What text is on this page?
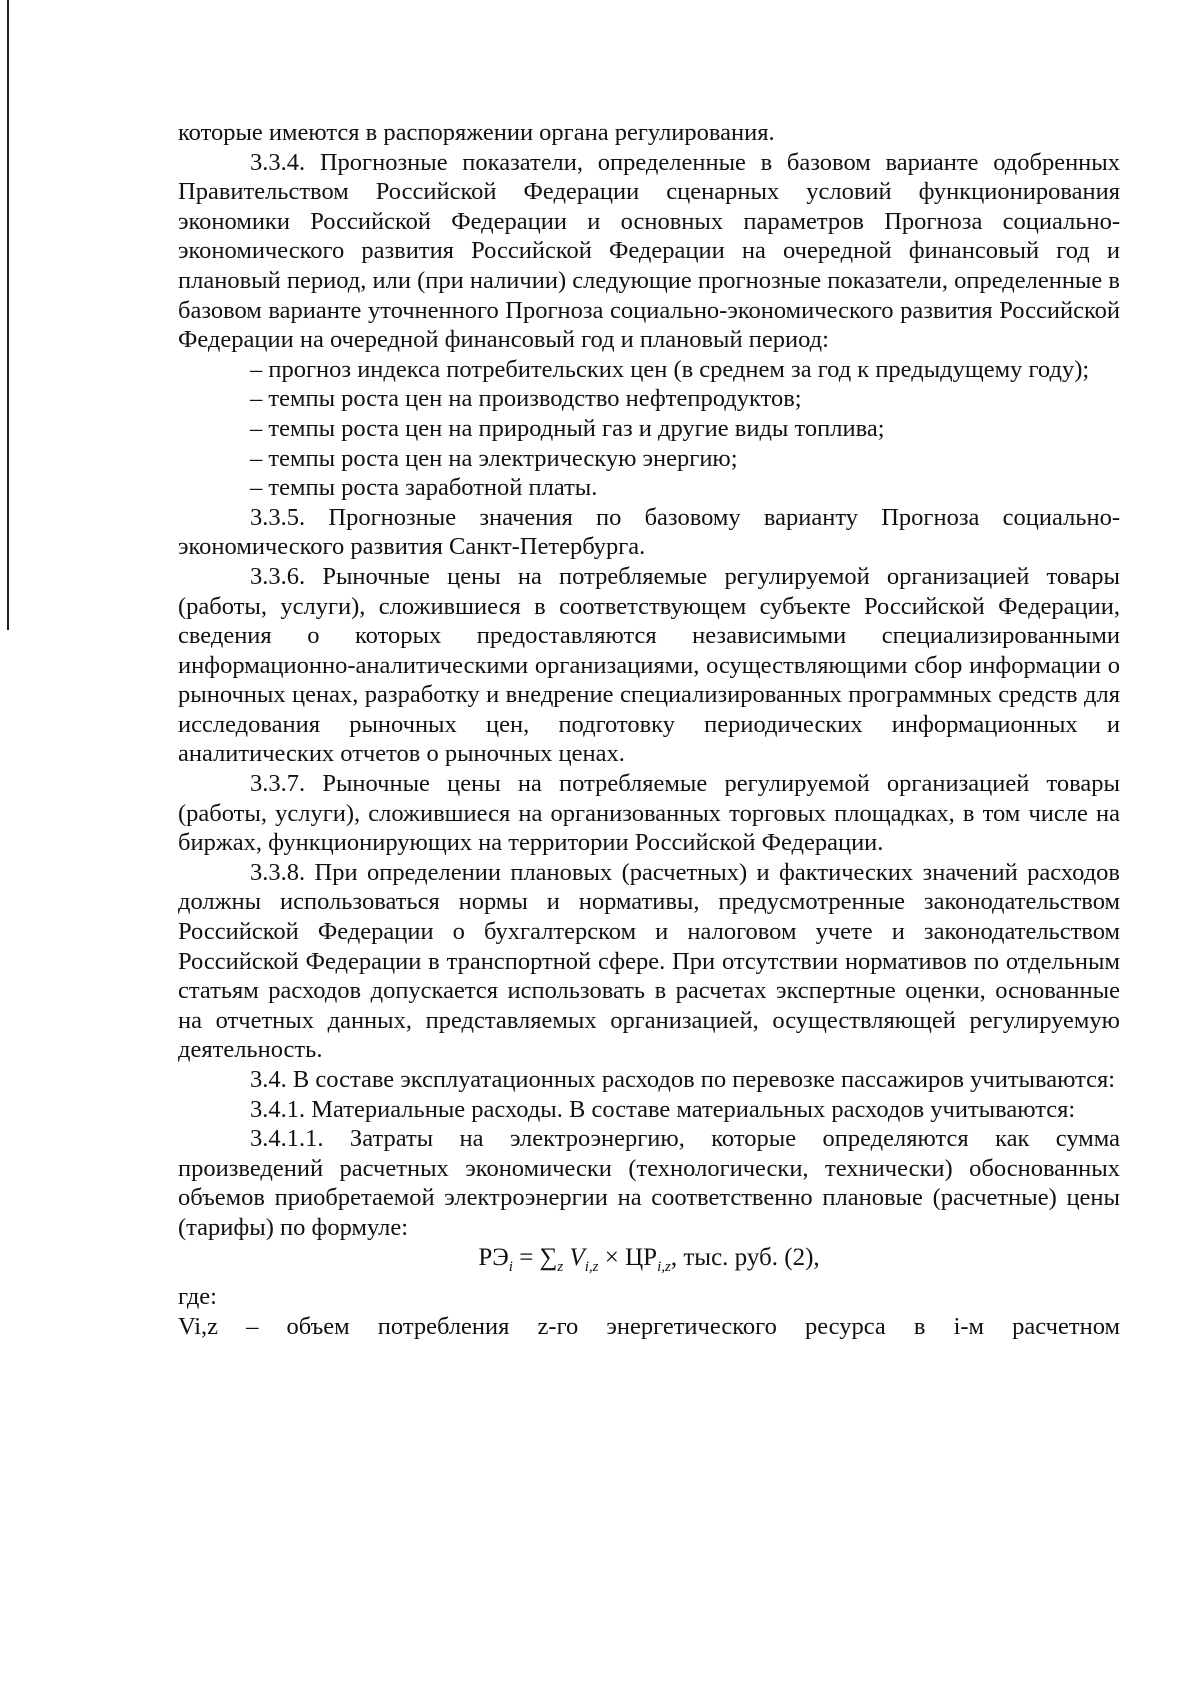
которые имеются в распоряжении органа регулирования.

3.3.4. Прогнозные показатели, определенные в базовом варианте одобренных Правительством Российской Федерации сценарных условий функционирования экономики Российской Федерации и основных параметров Прогноза социально-экономического развития Российской Федерации на очередной финансовый год и плановый период, или (при наличии) следующие прогнозные показатели, определенные в базовом варианте уточненного Прогноза социально-экономического развития Российской Федерации на очередной финансовый год и плановый период:

– прогноз индекса потребительских цен (в среднем за год к предыдущему году);

– темпы роста цен на производство нефтепродуктов;

– темпы роста цен на природный газ и другие виды топлива;

– темпы роста цен на электрическую энергию;

– темпы роста заработной платы.

3.3.5. Прогнозные значения по базовому варианту Прогноза социально-экономического развития Санкт-Петербурга.

3.3.6. Рыночные цены на потребляемые регулируемой организацией товары (работы, услуги), сложившиеся в соответствующем субъекте Российской Федерации, сведения о которых предоставляются независимыми специализированными информационно-аналитическими организациями, осуществляющими сбор информации о рыночных ценах, разработку и внедрение специализированных программных средств для исследования рыночных цен, подготовку периодических информационных и аналитических отчетов о рыночных ценах.

3.3.7. Рыночные цены на потребляемые регулируемой организацией товары (работы, услуги), сложившиеся на организованных торговых площадках, в том числе на биржах, функционирующих на территории Российской Федерации.

3.3.8. При определении плановых (расчетных) и фактических значений расходов должны использоваться нормы и нормативы, предусмотренные законодательством Российской Федерации о бухгалтерском и налоговом учете и законодательством Российской Федерации в транспортной сфере. При отсутствии нормативов по отдельным статьям расходов допускается использовать в расчетах экспертные оценки, основанные на отчетных данных, представляемых организацией, осуществляющей регулируемую деятельность.

3.4. В составе эксплуатационных расходов по перевозке пассажиров учитываются:

3.4.1. Материальные расходы. В составе материальных расходов учитываются:

3.4.1.1. Затраты на электроэнергию, которые определяются как сумма произведений расчетных экономически (технологически, технически) обоснованных объемов приобретаемой электроэнергии на соответственно плановые (расчетные) цены (тарифы) по формуле:

$РЭ_i = \sum_z$ $V_{i,z} \times ЦР_{i,z}$, тыс. руб. (2),

где:

Vi,z – объем потребления z-го энергетического ресурса в i-м расчетном
